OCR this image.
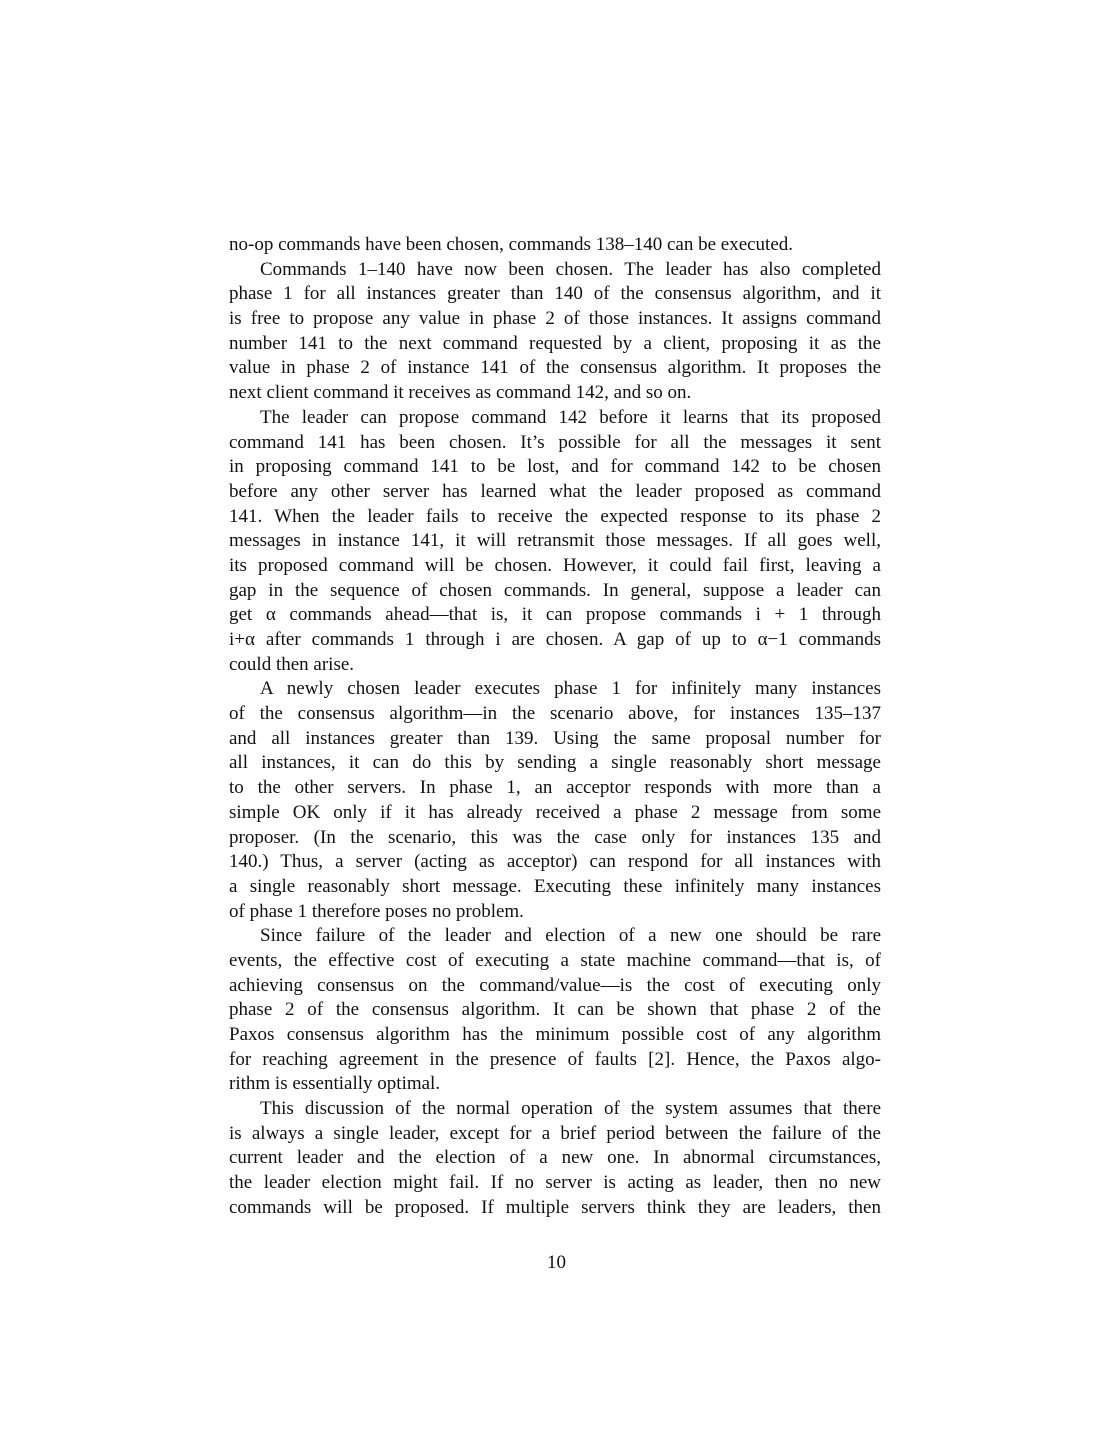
no-op commands have been chosen, commands 138–140 can be executed.
Commands 1–140 have now been chosen. The leader has also completed
phase 1 for all instances greater than 140 of the consensus algorithm, and it
is free to propose any value in phase 2 of those instances. It assigns command
number 141 to the next command requested by a client, proposing it as the
value in phase 2 of instance 141 of the consensus algorithm. It proposes the
next client command it receives as command 142, and so on.
The leader can propose command 142 before it learns that its proposed
command 141 has been chosen. It’s possible for all the messages it sent
in proposing command 141 to be lost, and for command 142 to be chosen
before any other server has learned what the leader proposed as command
141. When the leader fails to receive the expected response to its phase 2
messages in instance 141, it will retransmit those messages. If all goes well,
its proposed command will be chosen. However, it could fail first, leaving a
gap in the sequence of chosen commands. In general, suppose a leader can
get α commands ahead—that is, it can propose commands i + 1 through
i+α after commands 1 through i are chosen. A gap of up to α−1 commands
could then arise.
A newly chosen leader executes phase 1 for infinitely many instances
of the consensus algorithm—in the scenario above, for instances 135–137
and all instances greater than 139. Using the same proposal number for
all instances, it can do this by sending a single reasonably short message
to the other servers. In phase 1, an acceptor responds with more than a
simple OK only if it has already received a phase 2 message from some
proposer. (In the scenario, this was the case only for instances 135 and
140.) Thus, a server (acting as acceptor) can respond for all instances with
a single reasonably short message. Executing these infinitely many instances
of phase 1 therefore poses no problem.
Since failure of the leader and election of a new one should be rare
events, the effective cost of executing a state machine command—that is, of
achieving consensus on the command/value—is the cost of executing only
phase 2 of the consensus algorithm. It can be shown that phase 2 of the
Paxos consensus algorithm has the minimum possible cost of any algorithm
for reaching agreement in the presence of faults [2]. Hence, the Paxos algo-
rithm is essentially optimal.
This discussion of the normal operation of the system assumes that there
is always a single leader, except for a brief period between the failure of the
current leader and the election of a new one. In abnormal circumstances,
the leader election might fail. If no server is acting as leader, then no new
commands will be proposed. If multiple servers think they are leaders, then
10
